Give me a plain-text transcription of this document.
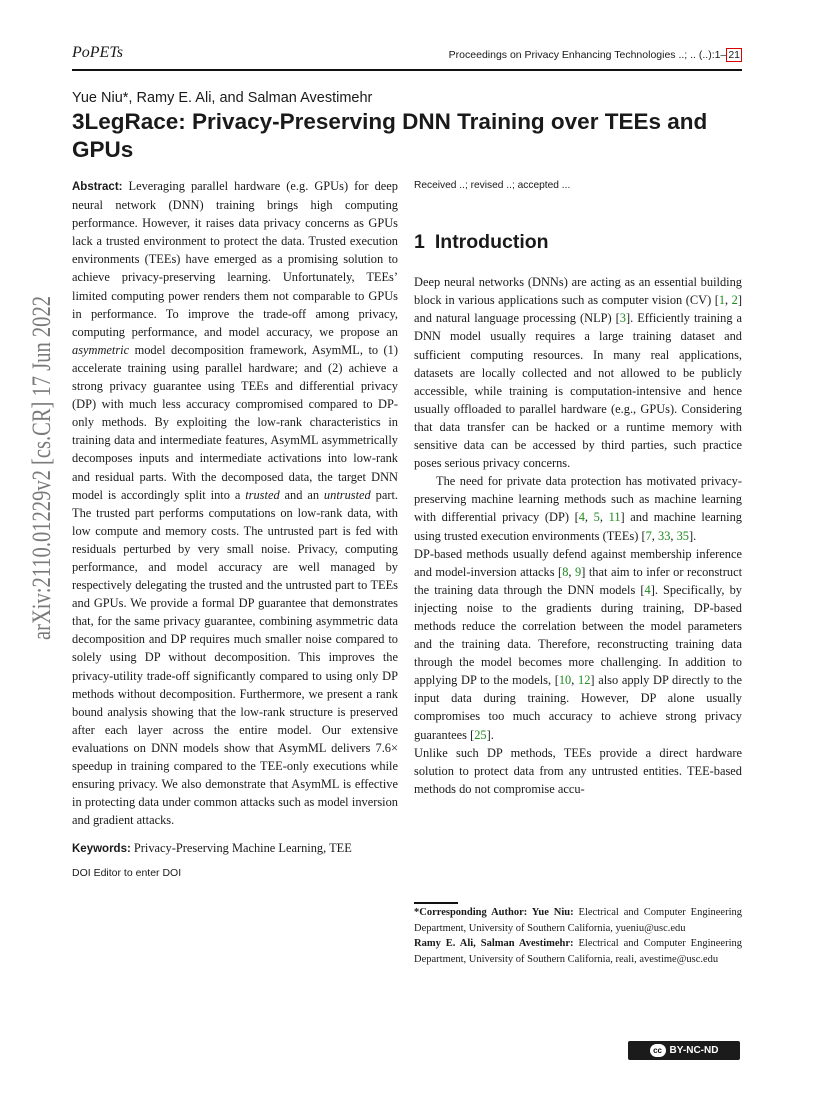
arXiv:2110.01229v2 [cs.CR] 17 Jun 2022
PoPETs	Proceedings on Privacy Enhancing Technologies ..; .. (..):1– 21
Yue Niu*, Ramy E. Ali, and Salman Avestimehr
3LegRace: Privacy-Preserving DNN Training over TEEs and GPUs

Abstract: Leveraging parallel hardware (e.g. GPUs) for deep neural network (DNN) training brings high computing performance. However, it raises data privacy concerns as GPUs lack a trusted environment to protect the data. Trusted execution environments (TEEs) have emerged as a promising solution to achieve privacy-preserving learning. Unfortunately, TEEs’ limited computing power renders them not comparable to GPUs in performance. To improve the trade-off among privacy, computing performance, and model accuracy, we propose an asymmetric model decomposition framework, AsymML, to (1) accelerate training using parallel hardware; and (2) achieve a strong privacy guarantee using TEEs and differential privacy (DP) with much less accuracy compromised compared to DP-only methods. By exploiting the low-rank characteristics in training data and intermediate features, AsymML asymmetrically decomposes inputs and intermediate activations into low-rank and residual parts. With the decomposed data, the target DNN model is accordingly split into a trusted and an untrusted part. The trusted part performs computations on low-rank data, with low compute and memory costs. The untrusted part is fed with residuals perturbed by very small noise. Privacy, computing performance, and model accuracy are well managed by respectively delegating the trusted and the untrusted part to TEEs and GPUs. We provide a formal DP guarantee that demonstrates that, for the same privacy guarantee, combining asymmetric data decomposition and DP requires much smaller noise compared to solely using DP without decomposition. This improves the privacy-utility trade-off significantly compared to using only DP methods without decomposition. Furthermore, we present a rank bound analysis showing that the low-rank structure is preserved after each layer across the entire model. Our extensive evaluations on DNN models show that AsymML delivers 7.6× speedup in training compared to the TEE-only executions while ensuring privacy. We also demonstrate that AsymML is effective in protecting data under common attacks such as model inversion and gradient attacks.

Keywords: Privacy-Preserving Machine Learning, TEE

DOI Editor to enter DOI

Received ..; revised ..; accepted ...

1 Introduction

Deep neural networks (DNNs) are acting as an essential building block in various applications such as computer vision (CV) [1, 2] and natural language processing (NLP) [3]. Efficiently training a DNN model usually requires a large training dataset and sufficient computing resources. In many real applications, datasets are locally collected and not allowed to be publicly accessible, while training is computation-intensive and hence usually offloaded to parallel hardware (e.g., GPUs). Considering that data transfer can be hacked or a runtime memory with sensitive data can be accessed by third parties, such practice poses serious privacy concerns.

The need for private data protection has motivated privacy-preserving machine learning methods such as machine learning with differential privacy (DP) [4, 5, 11] and machine learning using trusted execution environments (TEEs) [7, 33, 35].

DP-based methods usually defend against membership inference and model-inversion attacks [8, 9] that aim to infer or reconstruct the training data through the DNN models [4]. Specifically, by injecting noise to the gradients during training, DP-based methods reduce the correlation between the model parameters and the training data. Therefore, reconstructing training data through the model becomes more challenging. In addition to applying DP to the models, [10, 12] also apply DP directly to the input data during training. However, DP alone usually compromises too much accuracy to achieve strong privacy guarantees [25].

Unlike such DP methods, TEEs provide a direct hardware solution to protect data from any untrusted entities. TEE-based methods do not compromise accu-

*Corresponding Author: Yue Niu: Electrical and Computer Engineering Department, University of Southern California, yueniu@usc.edu

Ramy E. Ali, Salman Avestimehr: Electrical and Computer Engineering Department, University of Southern California, reali, avestime@usc.edu

cc BY-NC-ND
